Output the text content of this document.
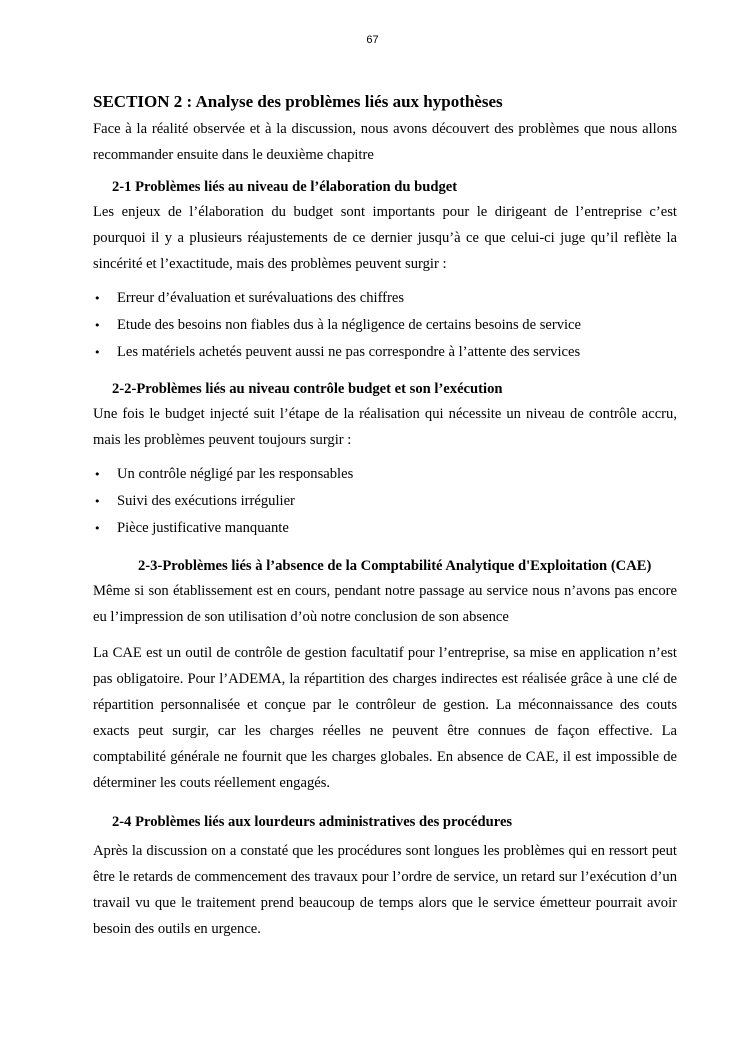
67
SECTION 2 : Analyse des problèmes liés aux hypothèses

Face à la réalité observée et à la discussion, nous avons découvert des problèmes que nous allons recommander ensuite dans le deuxième chapitre

2-1 Problèmes liés au niveau de l’élaboration du budget

Les enjeux de l’élaboration du budget sont importants pour le dirigeant de l’entreprise c’est pourquoi il y a plusieurs réajustements de ce dernier jusqu’à ce que celui-ci juge qu’il reflète la sincérité et l’exactitude, mais des problèmes peuvent surgir :

• Erreur d’évaluation et surévaluations des chiffres
• Etude des besoins non fiables dus à la négligence de certains besoins de service
• Les matériels achetés peuvent aussi ne pas correspondre à l’attente des services
2-2-Problèmes liés au niveau contrôle budget et son l’exécution

Une fois le budget injecté suit l’étape de la réalisation qui nécessite un niveau de contrôle accru, mais les problèmes peuvent toujours surgir :

• Un contrôle négligé par les responsables
• Suivi des exécutions irrégulier
• Pièce justificative manquante
2-3-Problèmes liés à l’absence de la Comptabilité Analytique d'Exploitation (CAE)

Même si son établissement est en cours, pendant notre passage au service nous n’avons pas encore eu l’impression de son utilisation d’où notre conclusion de son absence

La CAE est un outil de contrôle de gestion facultatif pour l’entreprise, sa mise en application n’est pas obligatoire. Pour l’ADEMA, la répartition des charges indirectes est réalisée grâce à une clé de répartition personnalisée et conçue par le contrôleur de gestion. La méconnaissance des couts exacts peut surgir, car les charges réelles ne peuvent être connues de façon effective. La comptabilité générale ne fournit que les charges globales. En absence de CAE, il est impossible de déterminer les couts réellement engagés.

2-4 Problèmes liés aux lourdeurs administratives des procédures

Après la discussion on a constaté que les procédures sont longues les problèmes qui en ressort peut être le retards de commencement des travaux pour l’ordre de service, un retard sur l’exécution d’un travail vu que le traitement prend beaucoup de temps alors que le service émetteur pourrait avoir besoin des outils en urgence.
